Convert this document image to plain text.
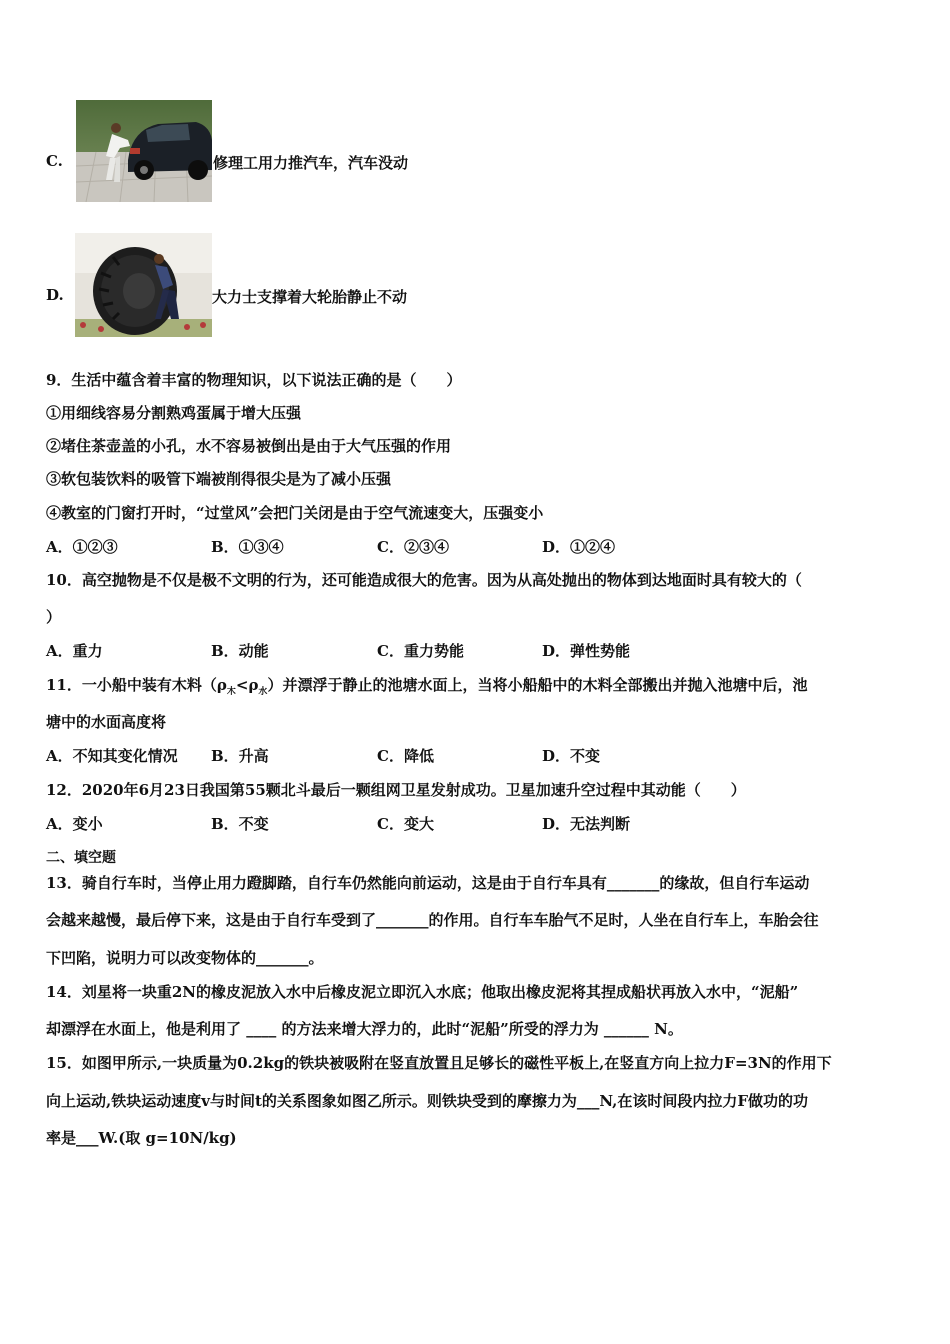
C.	修理工用力推汽车，汽车没动
D.	大力士支撑着大轮胎静止不动
9．生活中蕴含着丰富的物理知识，以下说法正确的是（　　）
①用细线容易分割熟鸡蛋属于增大压强
②堵住茶壶盖的小孔，水不容易被倒出是由于大气压强的作用
③软包装饮料的吸管下端被削得很尖是为了减小压强
④教室的门窗打开时，“过堂风”会把门关闭是由于空气流速变大，压强变小
A．①②③	B．①③④	C．②③④	D．①②④
10．高空抛物是不仅是极不文明的行为，还可能造成很大的危害。因为从高处抛出的物体到达地面时具有较大的（
）
A．重力	B．动能	C．重力势能	D．弹性势能
11．一小船中装有木料$(\rho_木<\rho_水)$并漂浮于静止的池塘水面上，当将小船船中的木料全部搬出并抛入池塘中后，池
塘中的水面高度将
A．不知其变化情况 B．升高	C．降低	D．不变
12．2020年6月23日我国第55颗北斗最后一颗组网卫星发射成功。卫星加速升空过程中其动能（　　）
A．变小	B．不变	C．变大	D．无法判断
二、填空题
13．骑自行车时，当停止用力蹬脚踏，自行车仍然能向前运动，这是由于自行车具有_______的缘故，但自行车运动
会越来越慢，最后停下来，这是由于自行车受到了_______的作用。自行车车胎气不足时，人坐在自行车上，车胎会往
下凹陷，说明力可以改变物体的_______。
14．刘星将一块重2N的橡皮泥放入水中后橡皮泥立即沉入水底；他取出橡皮泥将其捏成船状再放入水中，“泥船”
却漂浮在水面上，他是利用了 ____ 的方法来增大浮力的，此时“泥船”所受的浮力为 ______ N。
15．如图甲所示,一块质量为0.2kg的铁块被吸附在竖直放置且足够长的磁性平板上,在竖直方向上拉力F=3N的作用下
向上运动,铁块运动速度v与时间t的关系图象如图乙所示。则铁块受到的摩擦力为___N,在该时间段内拉力F做功的功
率是___W.(取 g=10N/kg)
